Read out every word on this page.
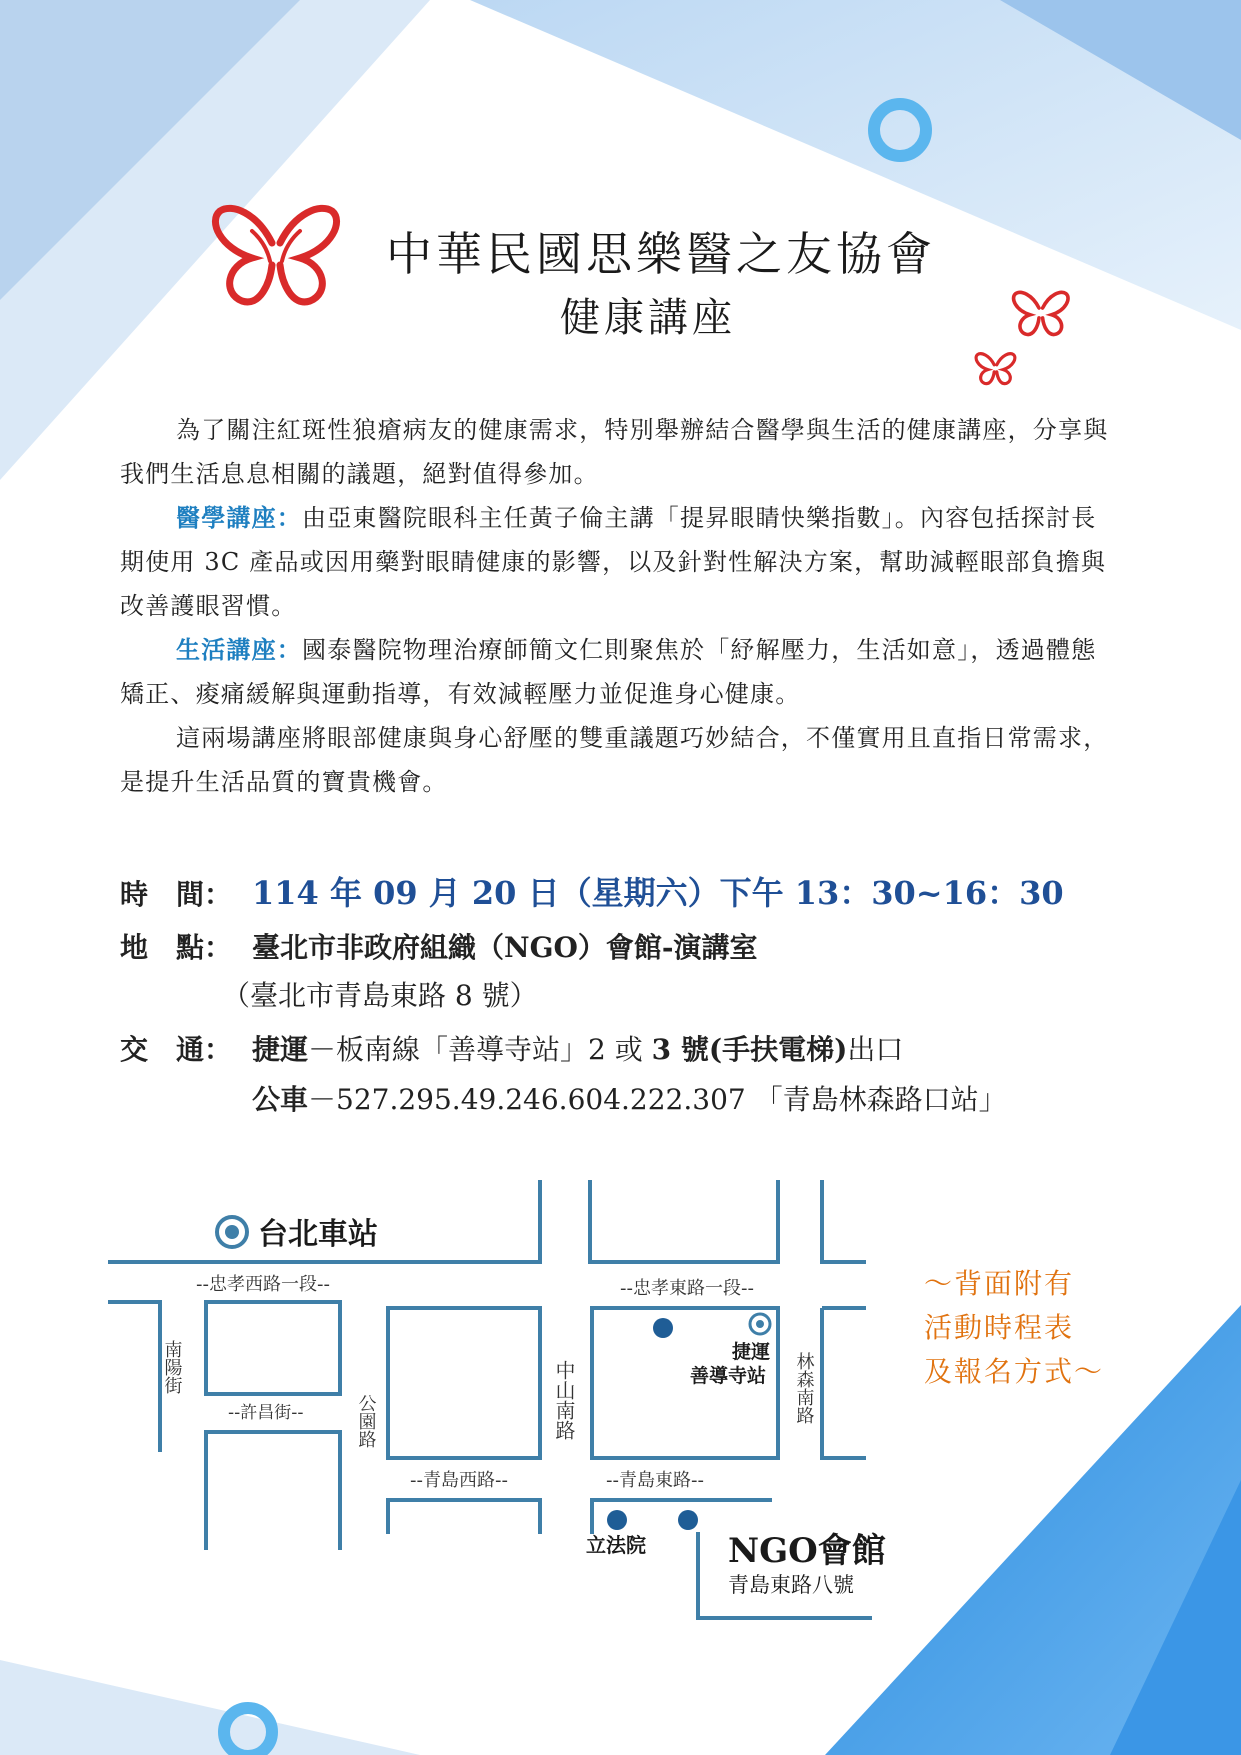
台北車站
--忠孝西路一段--	--忠孝東路一段--
南陽街
--許昌街--	公園路	中山南路	林森南路
--青島西路--	--青島東路--
捷運
善導寺站
立法院 NGO會館
青島東路八號
中華民國思樂醫之友協會
健康講座

為了關注紅斑性狼瘡病友的健康需求，特別舉辦結合醫學與生活的健康講座，分享與我們生活息息相關的議題，絕對值得參加。

醫學講座：由亞東醫院眼科主任黃子倫主講「提昇眼睛快樂指數」。內容包括探討長期使用 3C 產品或因用藥對眼睛健康的影響，以及針對性解決方案，幫助減輕眼部負擔與改善護眼習慣。

生活講座：國泰醫院物理治療師簡文仁則聚焦於「紓解壓力，生活如意」，透過體態矯正、痠痛緩解與運動指導，有效減輕壓力並促進身心健康。

這兩場講座將眼部健康與身心舒壓的雙重議題巧妙結合，不僅實用且直指日常需求，是提升生活品質的寶貴機會。

時　間： 114 年 09 月 20 日（星期六）下午 13：30~16：30
地　點： 臺北市非政府組織（NGO）會館-演講室
（臺北市青島東路 8 號）
交　通： 捷運－板南線「善導寺站」2 或 3 號(手扶電梯)出口
公車－527.295.49.246.604.222.307 「青島林森路口站」
～背面附有
活動時程表
及報名方式～
